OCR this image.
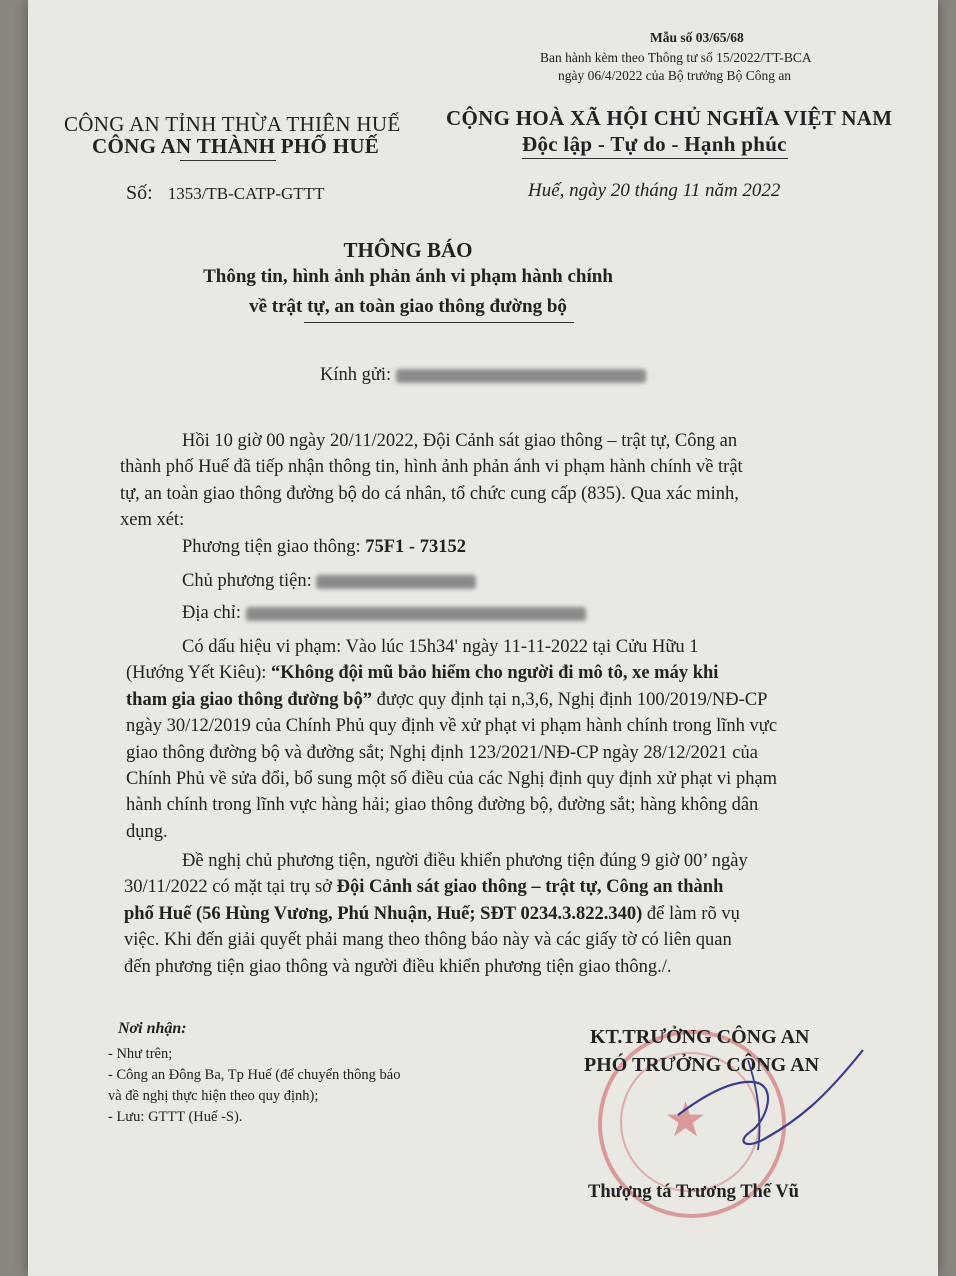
Mẫu số 03/65/68
Ban hành kèm theo Thông tư số 15/2022/TT-BCA
ngày 06/4/2022 của Bộ trưởng Bộ Công an
CÔNG AN TỈNH THỪA THIÊN HUẾ
CÔNG AN THÀNH PHỐ HUẾ
CỘNG HOÀ XÃ HỘI CHỦ NGHĨA VIỆT NAM
Độc lập - Tự do - Hạnh phúc
Số: 1353/TB-CATP-GTTT	Huế, ngày 20 tháng 11 năm 2022
THÔNG BÁO
Thông tin, hình ảnh phản ánh vi phạm hành chính
về trật tự, an toàn giao thông đường bộ
Kính gửi:
Hồi 10 giờ 00 ngày 20/11/2022, Đội Cảnh sát giao thông – trật tự, Công an
thành phố Huế đã tiếp nhận thông tin, hình ảnh phản ánh vi phạm hành chính về trật
tự, an toàn giao thông đường bộ do cá nhân, tổ chức cung cấp (835). Qua xác minh,
xem xét:
Phương tiện giao thông: 75F1 - 73152
Chủ phương tiện:
Địa chỉ:
Có dấu hiệu vi phạm: Vào lúc 15h34' ngày 11-11-2022 tại Cửu Hữu 1
(Hướng Yết Kiêu): “Không đội mũ bảo hiểm cho người đi mô tô, xe máy khi
tham gia giao thông đường bộ” được quy định tại n,3,6, Nghị định 100/2019/NĐ-CP
ngày 30/12/2019 của Chính Phủ quy định về xử phạt vi phạm hành chính trong lĩnh vực
giao thông đường bộ và đường sắt; Nghị định 123/2021/NĐ-CP ngày 28/12/2021 của
Chính Phủ về sửa đổi, bổ sung một số điều của các Nghị định quy định xử phạt vi phạm
hành chính trong lĩnh vực hàng hải; giao thông đường bộ, đường sắt; hàng không dân
dụng.
Đề nghị chủ phương tiện, người điều khiển phương tiện đúng 9 giờ 00’ ngày
30/11/2022 có mặt tại trụ sở Đội Cảnh sát giao thông – trật tự, Công an thành
phố Huế (56 Hùng Vương, Phú Nhuận, Huế; SĐT 0234.3.822.340) để làm rõ vụ
việc. Khi đến giải quyết phải mang theo thông báo này và các giấy tờ có liên quan
đến phương tiện giao thông và người điều khiển phương tiện giao thông./.
Nơi nhận:
- Như trên;
- Công an Đông Ba, Tp Huế (để chuyển thông báo
và đề nghị thực hiện theo quy định);
- Lưu: GTTT (Huế -S).	★
KT.TRƯỞNG CÔNG AN
PHÓ TRƯỞNG CÔNG AN
Thượng tá Trương Thế Vũ
